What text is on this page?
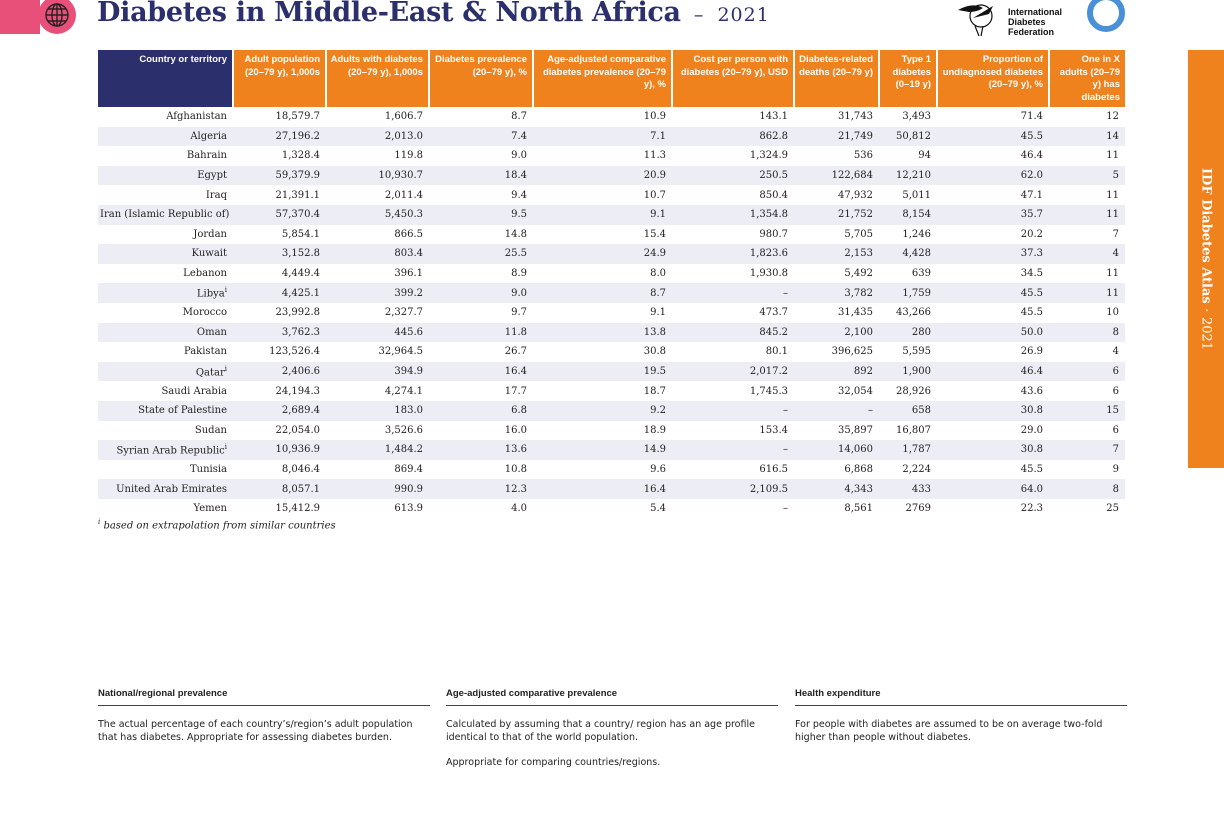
Diabetes in Middle-East & North Africa – 2021	International
Diabetes
Federation
IDF Diabetes Atlas · 2021
Country or territory	Adult population (20–79 y), 1,000s	Adults with diabetes (20–79 y), 1,000s	Diabetes prevalence (20–79 y), %	Age-adjusted comparative diabetes prevalence (20–79 y), %	Cost per person with diabetes (20–79 y), USD	Diabetes-related deaths (20–79 y)	Type 1 diabetes (0–19 y)	Proportion of undiagnosed diabetes (20–79 y), %	One in X adults (20–79 y) has diabetes
Afghanistan	18,579.7	1,606.7	8.7	10.9	143.1	31,743	3,493	71.4	12
Algeria	27,196.2	2,013.0	7.4	7.1	862.8	21,749	50,812	45.5	14
Bahrain	1,328.4	119.8	9.0	11.3	1,324.9	536	94	46.4	11
Egypt	59,379.9	10,930.7	18.4	20.9	250.5	122,684	12,210	62.0	5
Iraq	21,391.1	2,011.4	9.4	10.7	850.4	47,932	5,011	47.1	11
Iran (Islamic Republic of)	57,370.4	5,450.3	9.5	9.1	1,354.8	21,752	8,154	35.7	11
Jordan	5,854.1	866.5	14.8	15.4	980.7	5,705	1,246	20.2	7
Kuwait	3,152.8	803.4	25.5	24.9	1,823.6	2,153	4,428	37.3	4
Lebanon	4,449.4	396.1	8.9	8.0	1,930.8	5,492	639	34.5	11
Libya$^i$	4,425.1	399.2	9.0	8.7	–	3,782	1,759	45.5	11
Morocco	23,992.8	2,327.7	9.7	9.1	473.7	31,435	43,266	45.5	10
Oman	3,762.3	445.6	11.8	13.8	845.2	2,100	280	50.0	8
Pakistan	123,526.4	32,964.5	26.7	30.8	80.1	396,625	5,595	26.9	4
Qatar$^i$	2,406.6	394.9	16.4	19.5	2,017.2	892	1,900	46.4	6
Saudi Arabia	24,194.3	4,274.1	17.7	18.7	1,745.3	32,054	28,926	43.6	6
State of Palestine	2,689.4	183.0	6.8	9.2	–	–	658	30.8	15
Sudan	22,054.0	3,526.6	16.0	18.9	153.4	35,897	16,807	29.0	6
Syrian Arab Republic$^i$	10,936.9	1,484.2	13.6	14.9	–	14,060	1,787	30.8	7
Tunisia	8,046.4	869.4	10.8	9.6	616.5	6,868	2,224	45.5	9
United Arab Emirates	8,057.1	990.9	12.3	16.4	2,109.5	4,343	433	64.0	8
Yemen	15,412.9	613.9	4.0	5.4	–	8,561	2769	22.3	25
$^i$ based on extrapolation from similar countries
National/regional prevalence

The actual percentage of each country’s/region’s adult population that has diabetes. Appropriate for assessing diabetes burden.

Age-adjusted comparative prevalence

Calculated by assuming that a country/ region has an age profile identical to that of the world population.

Appropriate for comparing countries/regions.

Health expenditure

For people with diabetes are assumed to be on average two-fold higher than people without diabetes.
